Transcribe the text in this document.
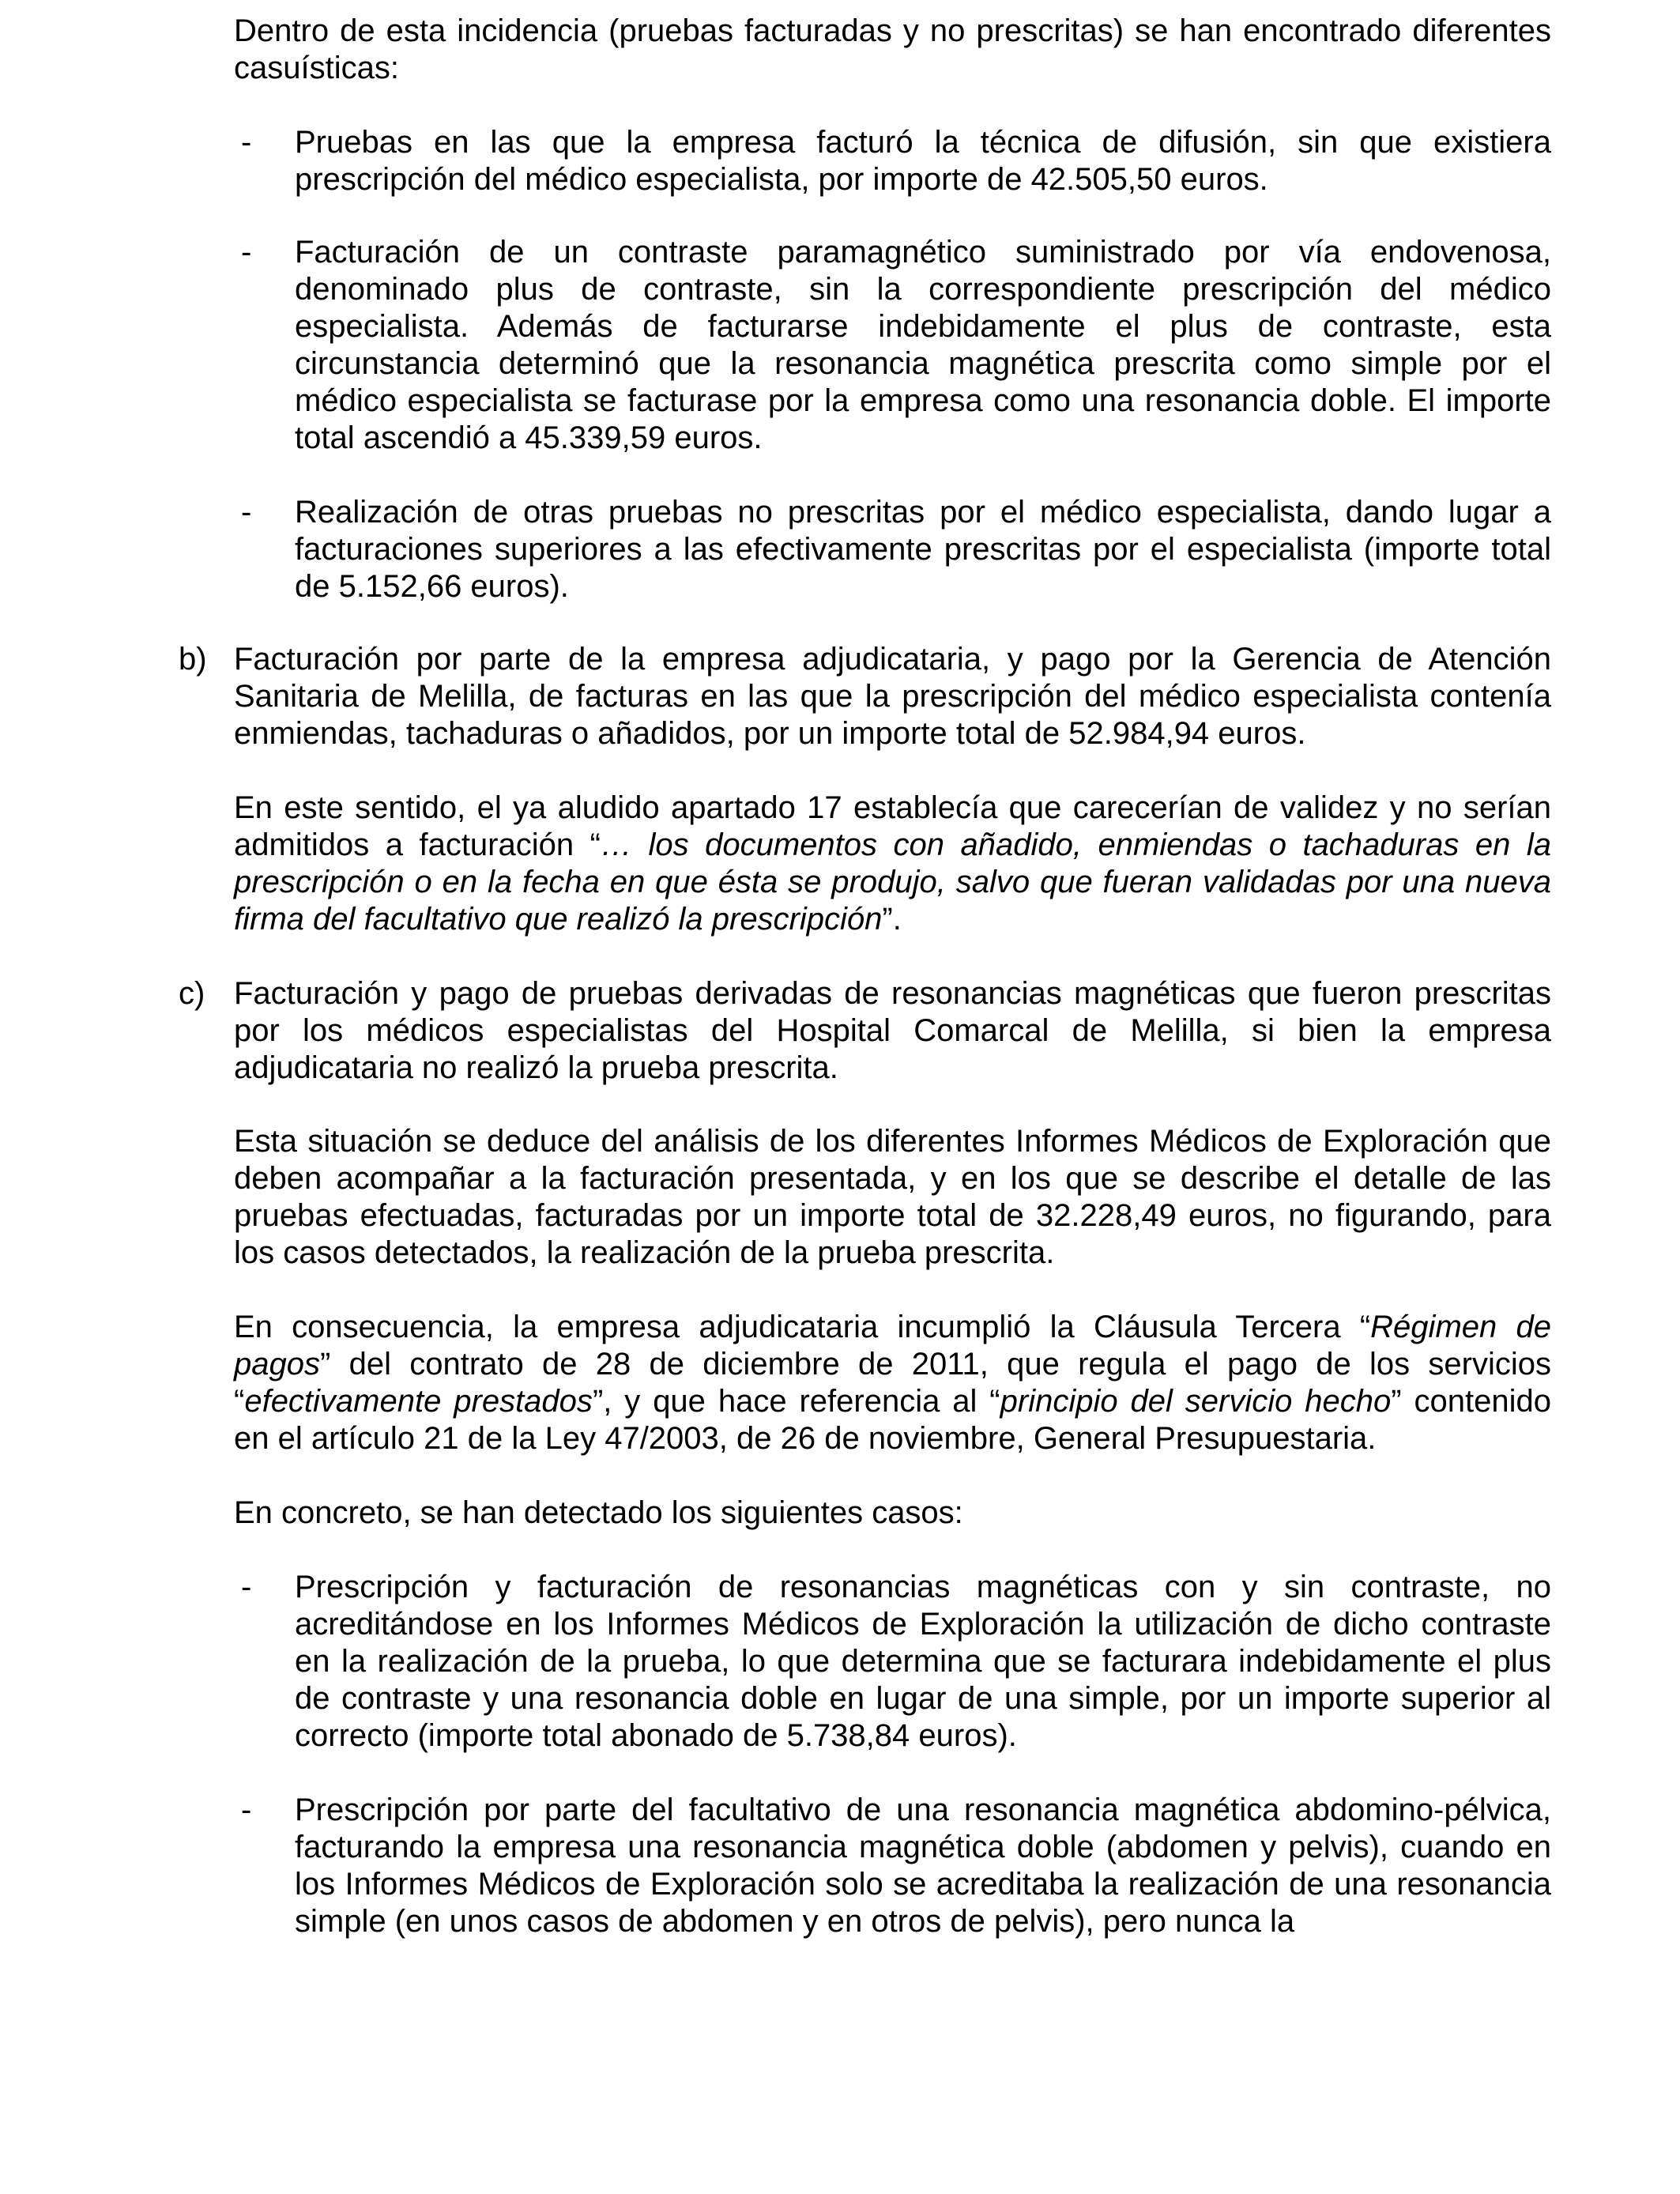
Dentro de esta incidencia (pruebas facturadas y no prescritas) se han encontrado diferentes casuísticas:

- Pruebas en las que la empresa facturó la técnica de difusión, sin que existiera prescripción del médico especialista, por importe de 42.505,50 euros.

- Facturación de un contraste paramagnético suministrado por vía endovenosa, denominado plus de contraste, sin la correspondiente prescripción del médico especialista. Además de facturarse indebidamente el plus de contraste, esta circunstancia determinó que la resonancia magnética prescrita como simple por el médico especialista se facturase por la empresa como una resonancia doble. El importe total ascendió a 45.339,59 euros.

- Realización de otras pruebas no prescritas por el médico especialista, dando lugar a facturaciones superiores a las efectivamente prescritas por el especialista (importe total de 5.152,66 euros).

b) Facturación por parte de la empresa adjudicataria, y pago por la Gerencia de Atención Sanitaria de Melilla, de facturas en las que la prescripción del médico especialista contenía enmiendas, tachaduras o añadidos, por un importe total de 52.984,94 euros.

En este sentido, el ya aludido apartado 17 establecía que carecerían de validez y no serían admitidos a facturación “… los documentos con añadido, enmiendas o tachaduras en la prescripción o en la fecha en que ésta se produjo, salvo que fueran validadas por una nueva firma del facultativo que realizó la prescripción”.

c) Facturación y pago de pruebas derivadas de resonancias magnéticas que fueron prescritas por los médicos especialistas del Hospital Comarcal de Melilla, si bien la empresa adjudicataria no realizó la prueba prescrita.

Esta situación se deduce del análisis de los diferentes Informes Médicos de Exploración que deben acompañar a la facturación presentada, y en los que se describe el detalle de las pruebas efectuadas, facturadas por un importe total de 32.228,49 euros, no figurando, para los casos detectados, la realización de la prueba prescrita.

En consecuencia, la empresa adjudicataria incumplió la Cláusula Tercera “Régimen de pagos” del contrato de 28 de diciembre de 2011, que regula el pago de los servicios “efectivamente prestados”, y que hace referencia al “principio del servicio hecho” contenido en el artículo 21 de la Ley 47/2003, de 26 de noviembre, General Presupuestaria.

En concreto, se han detectado los siguientes casos:

- Prescripción y facturación de resonancias magnéticas con y sin contraste, no acreditándose en los Informes Médicos de Exploración la utilización de dicho contraste en la realización de la prueba, lo que determina que se facturara indebidamente el plus de contraste y una resonancia doble en lugar de una simple, por un importe superior al correcto (importe total abonado de 5.738,84 euros).

- Prescripción por parte del facultativo de una resonancia magnética abdomino-pélvica, facturando la empresa una resonancia magnética doble (abdomen y pelvis), cuando en los Informes Médicos de Exploración solo se acreditaba la realización de una resonancia simple (en unos casos de abdomen y en otros de pelvis), pero nunca la
